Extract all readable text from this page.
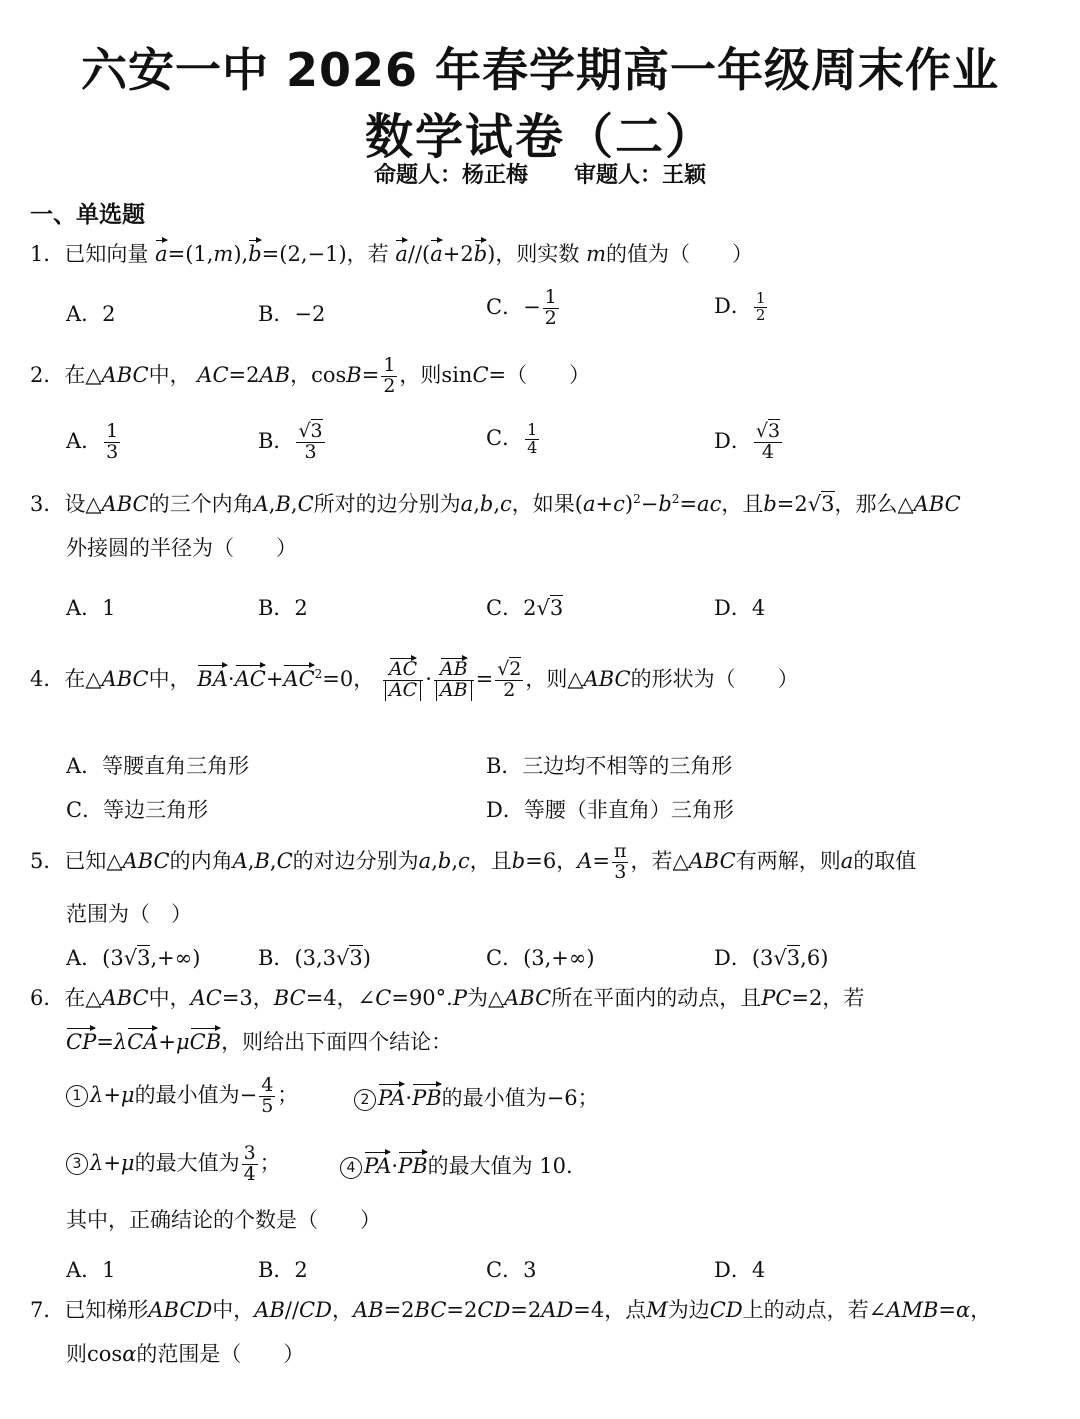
六安一中 2026 年春学期高一年级周末作业
数学试卷（二）
命题人：杨正梅      审题人：王颖
一、单选题
1．已知向量 a=(1,m),b=(2,−1)，若 a//(a+2b)，则实数 m的值为（　　）
A．2	B．−2	C．− $\frac{1}{2}$	D． $\frac{1}{2}$
2．在△ABC中， AC=2AB，$\cos B= \frac{1}{2}$ ，则sinC=（　　）
A． $\frac{1}{3}$	B． $\frac{√3}{3}$	C． $\frac{1}{4}$	D． $\frac{√3}{4}$
3．设△ABC的三个内角A,B,C所对的边分别为a,b,c，如果$(a+c)^2-b^2=ac$，且b=2√3，那么△ABC
外接圆的半径为（　　）
A．1	B．2	C．2√3	D．4
4．在△ABC中， $BA\cdot AC+AC^2=0$， $\frac{AC}{AC} \cdot \frac{AB}{AB} = \frac{√2}{2}$ ，则△ABC的形状为（　　）
A．等腰直角三角形	B．三边均不相等的三角形
C．等边三角形	D．等腰（非直角）三角形
5．已知△ABC的内角A,B,C的对边分别为a,b,c，且b=6，$A= \frac{\pi}{3}$ ，若△ABC有两解，则a的取值
范围为（　）
A．(3√3,+∞)	B．(3,3√3)	C．(3,+∞)	D．(3√3,6)
6．在△ABC中，AC=3，BC=4，∠C=90°.P为△ABC所在平面内的动点，且PC=2，若
CP=λCA+μCB，则给出下面四个结论：
1 λ+μ的最小值为− $\frac{4}{5}$ ；	2 PA·PB的最小值为−6；
3 λ+μ的最大值为 $\frac{3}{4}$ ；	4 PA·PB的最大值为 10.
其中，正确结论的个数是（　　）
A．1	B．2	C．3	D．4
7．已知梯形ABCD中，AB//CD，AB=2BC=2CD=2AD=4，点M为边CD上的动点，若∠AMB=α，
则cosα的范围是（　　）
